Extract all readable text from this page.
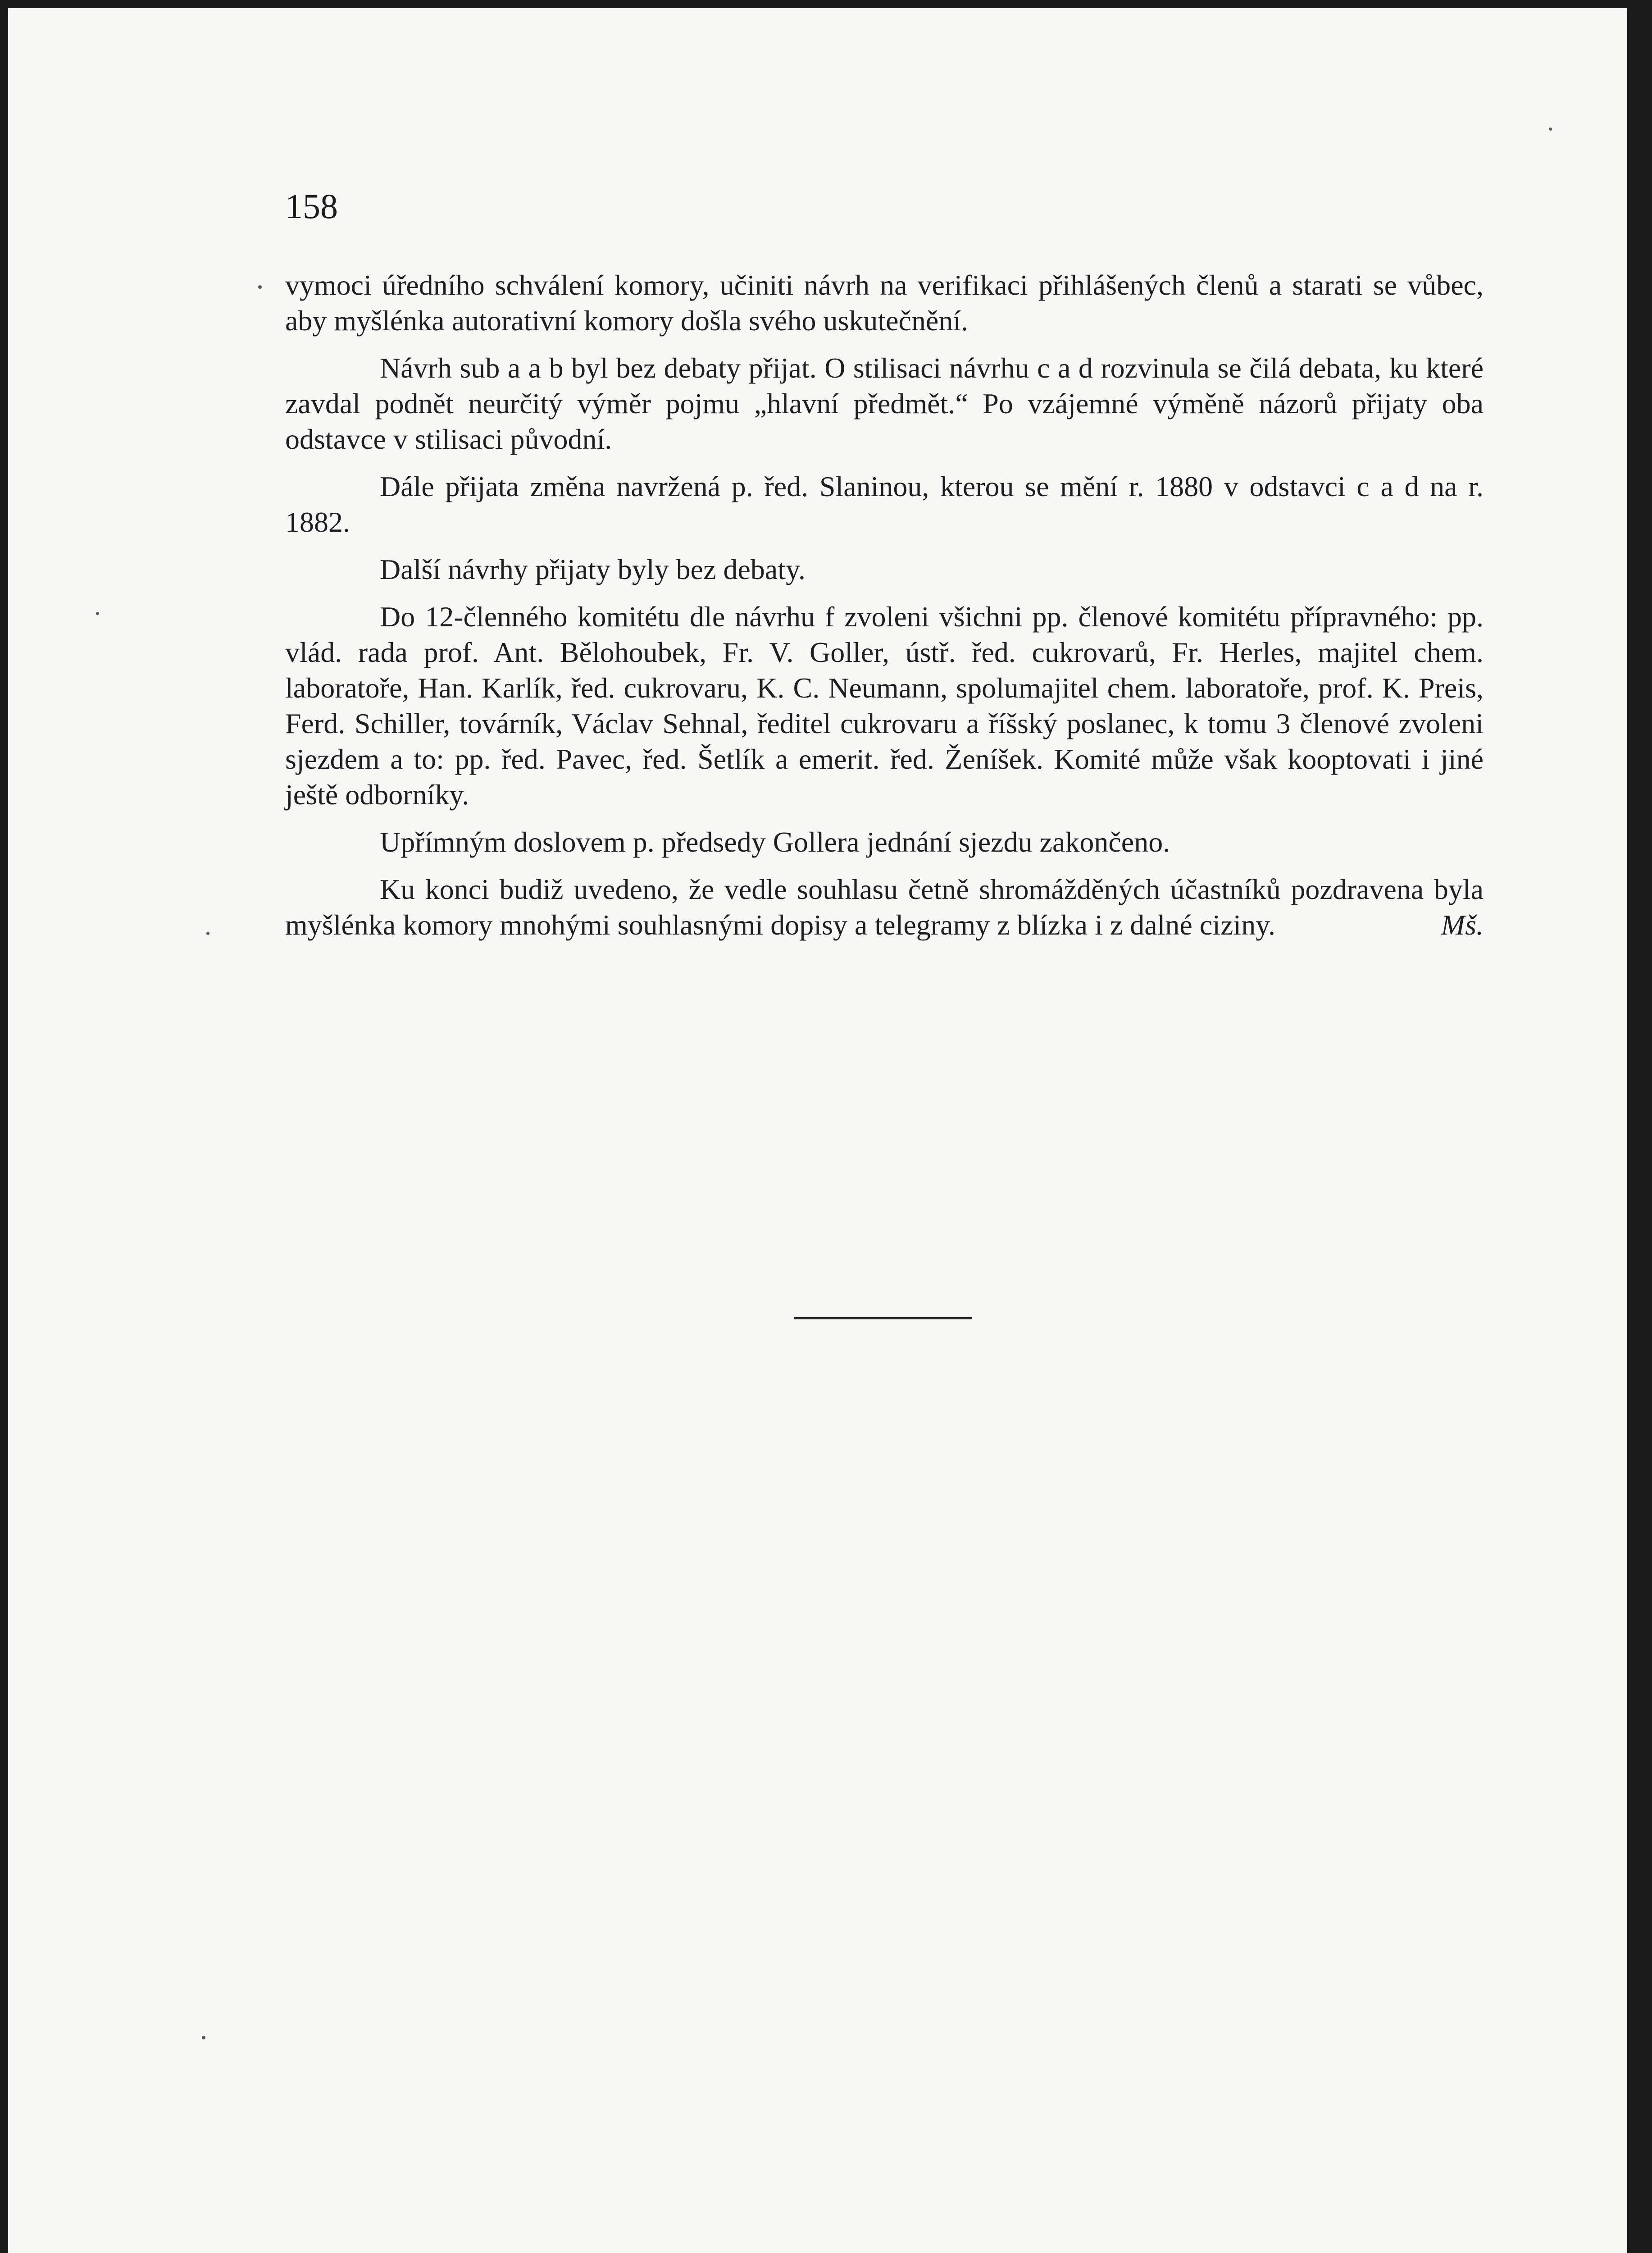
158

vymoci úředního schválení komory, učiniti návrh na verifikaci přihlášených členů a starati se vůbec, aby myšlénka autorativní komory došla svého uskutečnění.

Návrh sub a a b byl bez debaty přijat. O stilisaci návrhu c a d rozvinula se čilá debata, ku které zavdal podnět neurčitý výměr pojmu „hlavní předmět.“ Po vzájemné výměně názorů přijaty oba odstavce v stilisaci původní.

Dále přijata změna navržená p. řed. Slaninou, kterou se mění r. 1880 v odstavci c a d na r. 1882.

Další návrhy přijaty byly bez debaty.

Do 12-členného komitétu dle návrhu f zvoleni všichni pp. členové komitétu přípravného: pp. vlád. rada prof. Ant. Bělohoubek, Fr. V. Goller, ústř. řed. cukrovarů, Fr. Herles, majitel chem. laboratoře, Han. Karlík, řed. cukrovaru, K. C. Neumann, spolumajitel chem. laboratoře, prof. K. Preis, Ferd. Schiller, továrník, Václav Sehnal, ředitel cukrovaru a říšský poslanec, k tomu 3 členové zvoleni sjezdem a to: pp. řed. Pavec, řed. Šetlík a emerit. řed. Ženíšek. Komité může však kooptovati i jiné ještě odborníky.

Upřímným doslovem p. předsedy Gollera jednání sjezdu zakončeno.

Ku konci budiž uvedeno, že vedle souhlasu četně shromážděných účastníků pozdravena byla myšlénka komory mnohými souhlasnými dopisy a telegramy z blízka i z dalné ciziny.	Mš.
